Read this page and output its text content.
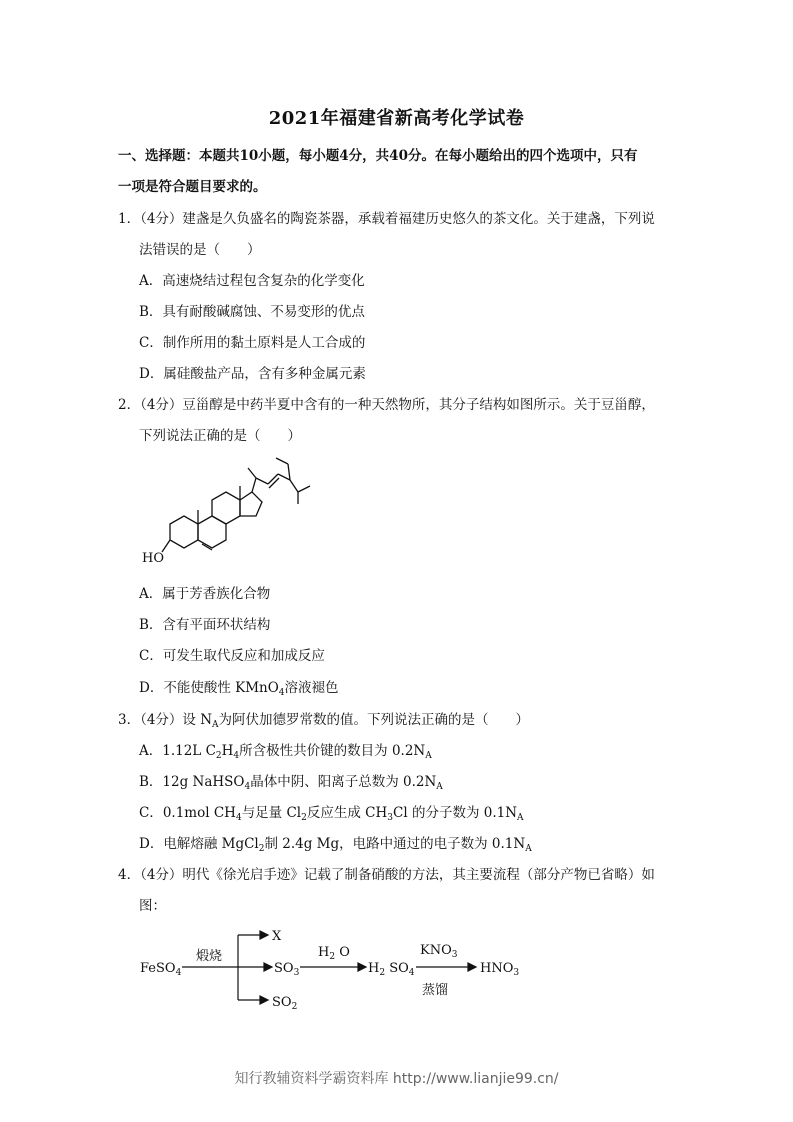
2021年福建省新高考化学试卷
一、选择题：本题共10小题，每小题4分，共40分。在每小题给出的四个选项中，只有
一项是符合题目要求的。
1．（4分）建盏是久负盛名的陶瓷茶器，承载着福建历史悠久的茶文化。关于建盏，下列说
法错误的是（　　）
A．高速烧结过程包含复杂的化学变化
B．具有耐酸碱腐蚀、不易变形的优点
C．制作所用的黏土原料是人工合成的
D．属硅酸盐产品，含有多种金属元素
2．（4分）豆甾醇是中药半夏中含有的一种天然物所，其分子结构如图所示。关于豆甾醇，
下列说法正确的是（　　）
HO
A．属于芳香族化合物
B．含有平面环状结构
C．可发生取代反应和加成反应
D．不能使酸性 KMnO$_4$溶液褪色
3．（4分）设 $N_A$为阿伏加德罗常数的值。下列说法正确的是（　　）
A．1.12L $C_2H_4$所含极性共价键的数目为 $0.2N_A$
B．12g NaHSO$_4$晶体中阴、阳离子总数为 $0.2N_A$
C．0.1mol $CH_4$与足量 $Cl_2$反应生成 $CH_3Cl$ 的分子数为 $0.1N_A$
D．电解熔融 MgCl$_2$制 2.4g Mg，电路中通过的电子数为 $0.1N_A$
4．（4分）明代《徐光启手迹》记载了制备硝酸的方法，其主要流程（部分产物已省略）如
图：
FeSO$_4$
煅烧
X
$SO_3$
$SO_2$
$H_2$ O
$H_2$ $SO_4$
$KNO_3$
蒸馏
$HNO_3$
知行教辅资料学霸资料库 http://www.lianjie99.cn/
